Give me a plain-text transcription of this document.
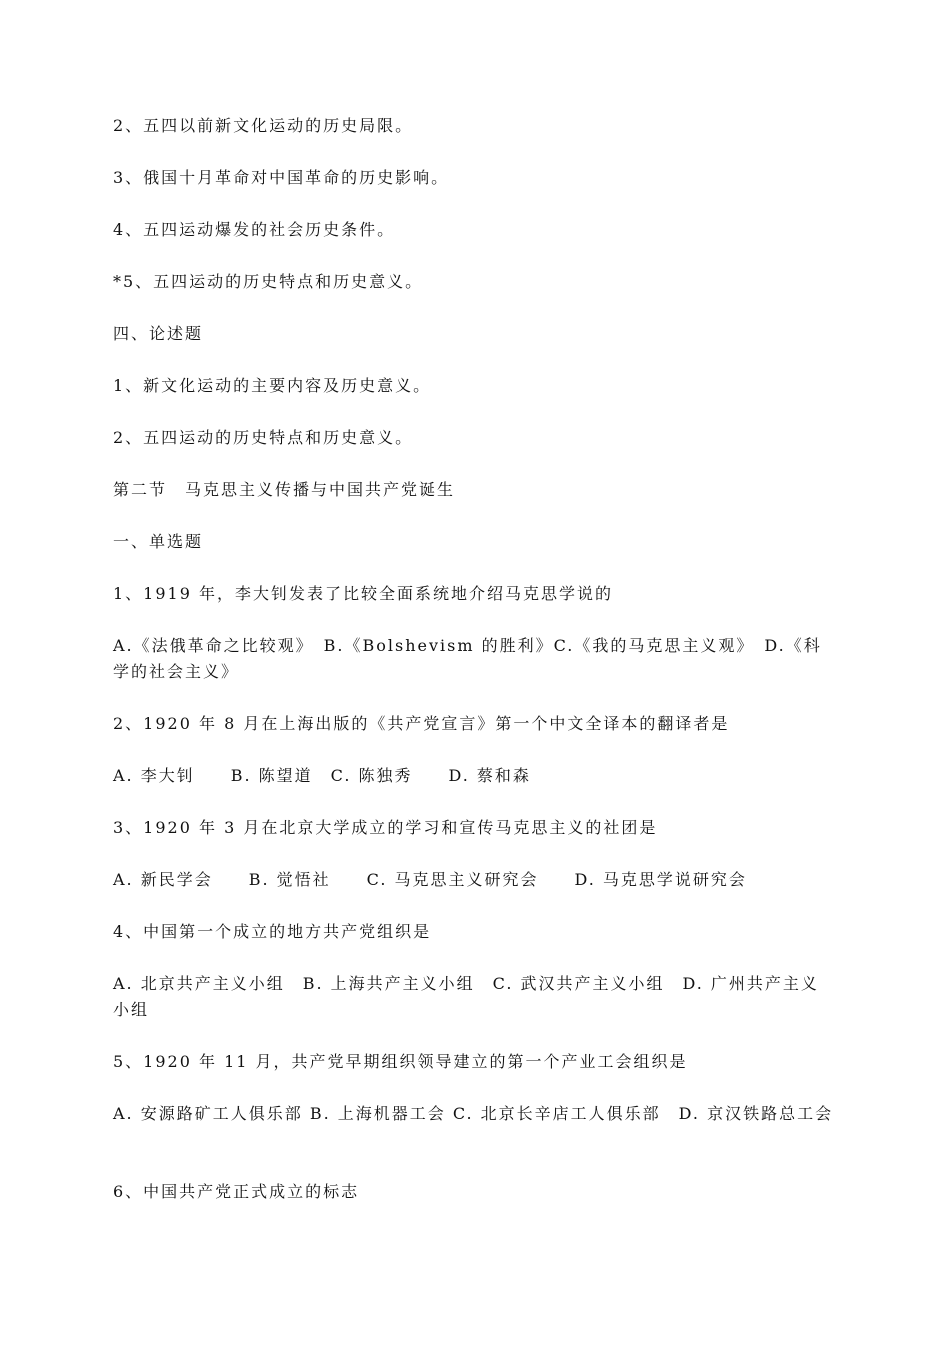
2、五四以前新文化运动的历史局限。
3、俄国十月革命对中国革命的历史影响。
4、五四运动爆发的社会历史条件。
*5、五四运动的历史特点和历史意义。
四、论述题
1、新文化运动的主要内容及历史意义。
2、五四运动的历史特点和历史意义。
第二节　马克思主义传播与中国共产党诞生
一、单选题
1、1919 年，李大钊发表了比较全面系统地介绍马克思学说的
A.《法俄革命之比较观》　B.《Bolshevism 的胜利》C.《我的马克思主义观》　D.《科学的社会主义》
2、1920 年 8 月在上海出版的《共产党宣言》第一个中文全译本的翻译者是
A. 李大钊　　B. 陈望道　C. 陈独秀　　D. 蔡和森
3、1920 年 3 月在北京大学成立的学习和宣传马克思主义的社团是
A. 新民学会　　B. 觉悟社　　C. 马克思主义研究会　　D. 马克思学说研究会
4、中国第一个成立的地方共产党组织是
A. 北京共产主义小组　B. 上海共产主义小组　C. 武汉共产主义小组　D. 广州共产主义小组
5、1920 年 11 月，共产党早期组织领导建立的第一个产业工会组织是
A. 安源路矿工人俱乐部 B. 上海机器工会 C. 北京长辛店工人俱乐部　D. 京汉铁路总工会
6、中国共产党正式成立的标志
